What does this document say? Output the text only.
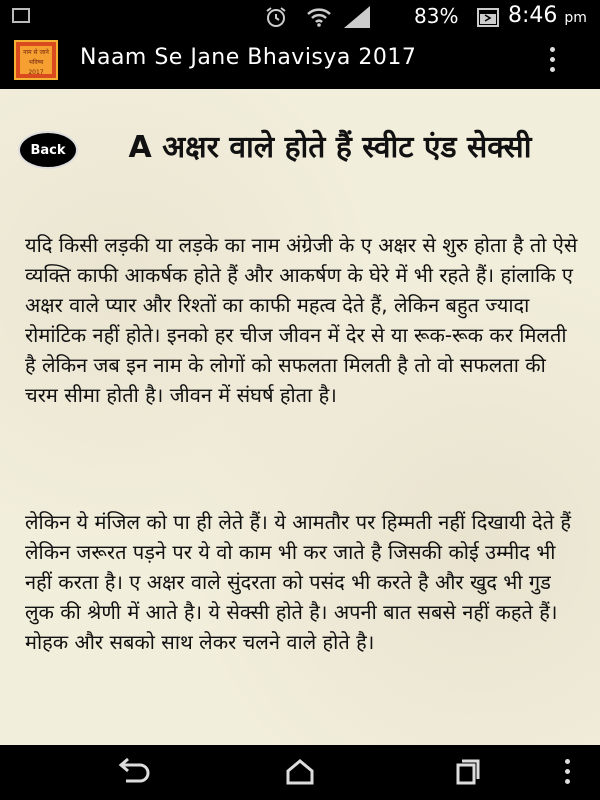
83% 8:46 pm
नाम से जाने
भविष्य
2017
Naam Se Jane Bhavisya 2017
Back	A अक्षर वाले होते हैं स्वीट एंड सेक्सी
यदि किसी लड़की या लड़के का नाम अंग्रेजी के ए अक्षर से शुरु होता है तो ऐसे व्यक्ति काफी आकर्षक होते हैं और आकर्षण के घेरे में भी रहते हैं। हांलाकि ए अक्षर वाले प्यार और रिश्तों का काफी महत्व देते हैं, लेकिन बहुत ज्यादा रोमांटिक नहीं होते। इनको हर चीज जीवन में देर से या रूक-रूक कर मिलती है लेकिन जब इन नाम के लोगों को सफलता मिलती है तो वो सफलता की चरम सीमा होती है। जीवन में संघर्ष होता है।
लेकिन ये मंजिल को पा ही लेते हैं। ये आमतौर पर हिम्मती नहीं दिखायी देते हैं लेकिन जरूरत पड़ने पर ये वो काम भी कर जाते है जिसकी कोई उम्मीद भी नहीं करता है। ए अक्षर वाले सुंदरता को पसंद भी करते है और खुद भी गुड लुक की श्रेणी में आते है। ये सेक्सी होते है। अपनी बात सबसे नहीं कहते हैं। मोहक और सबको साथ लेकर चलने वाले होते है।
